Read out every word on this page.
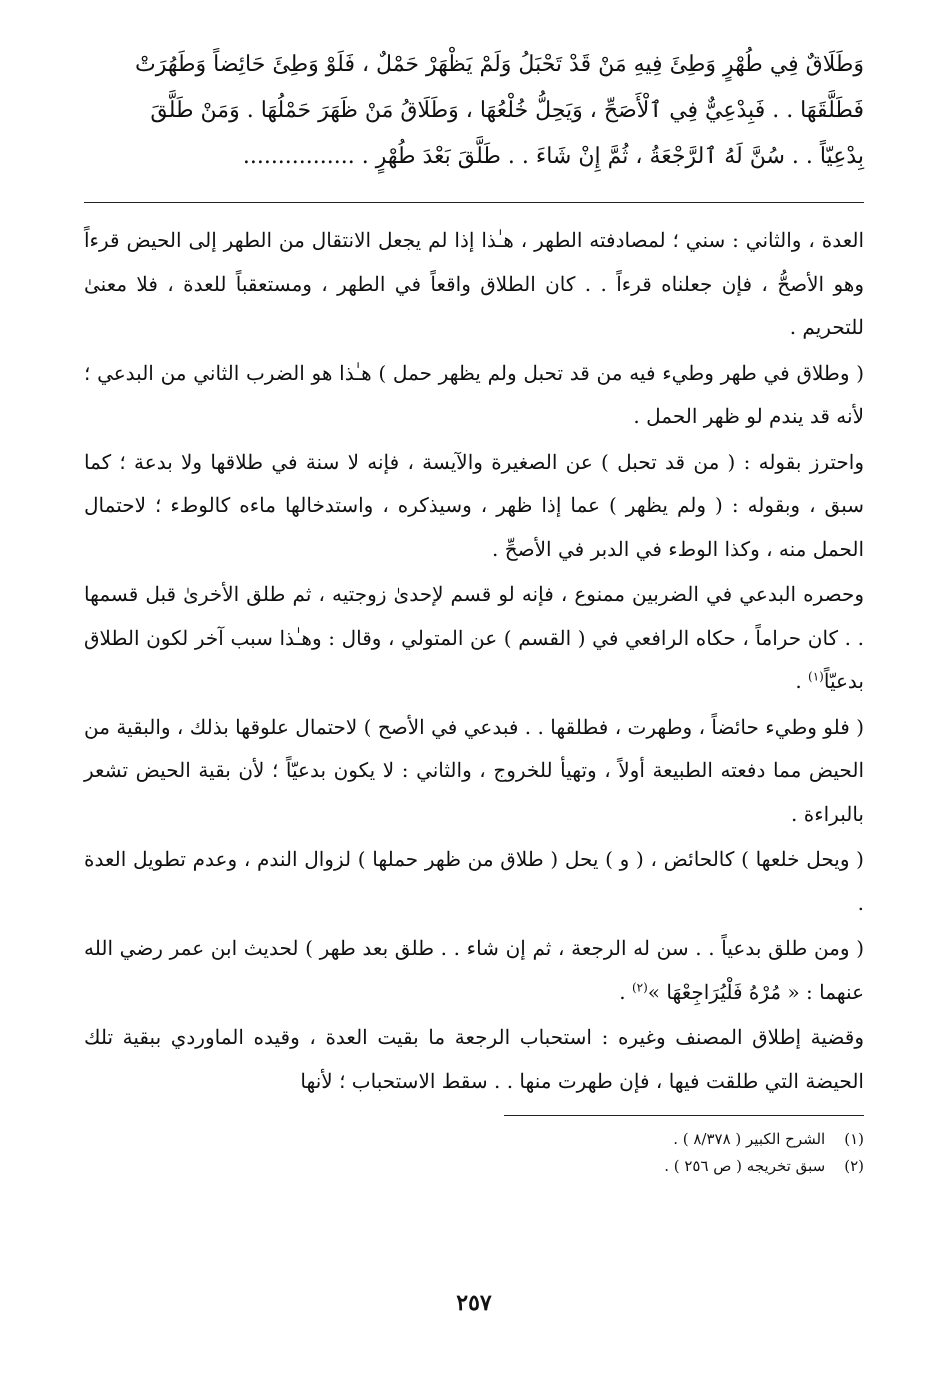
وَطَلَاقٌ فِي طُهْرٍ وَطِئَ فِيهِ مَنْ قَدْ تَحْبَلُ وَلَمْ يَظْهَرْ حَمْلٌ ، فَلَوْ وَطِئَ حَائِضاً وَطَهُرَتْ
فَطَلَّقَهَا . . فَبِدْعِيٌّ فِي ٱلْأَصَحِّ ، وَيَحِلُّ خُلْعُهَا ، وَطَلَاقُ مَنْ ظَهَرَ حَمْلُهَا . وَمَنْ طَلَّقَ
بِدْعِيّاً . . سُنَّ لَهُ ٱلرَّجْعَةُ ، ثُمَّ إِنْ شَاءَ . . طَلَّقَ بَعْدَ طُهْرٍ . ................

العدة ، والثاني : سني ؛ لمصادفته الطهر ، هـٰذا إذا لم يجعل الانتقال من الطهر إلى الحيض قرءاً وهو الأصحُّ ، فإن جعلناه قرءاً . . كان الطلاق واقعاً في الطهر ، ومستعقباً للعدة ، فلا معنىٰ للتحريم .

( وطلاق في طهر وطيء فيه من قد تحبل ولم يظهر حمل ) هـٰذا هو الضرب الثاني من البدعي ؛ لأنه قد يندم لو ظهر الحمل .

واحترز بقوله : ( من قد تحبل ) عن الصغيرة والآيسة ، فإنه لا سنة في طلاقها ولا بدعة ؛ كما سبق ، وبقوله : ( ولم يظهر ) عما إذا ظهر ، وسيذكره ، واستدخالها ماءه كالوطء ؛ لاحتمال الحمل منه ، وكذا الوطء في الدبر في الأصحِّ .

وحصره البدعي في الضربين ممنوع ، فإنه لو قسم لإحدىٰ زوجتيه ، ثم طلق الأخرىٰ قبل قسمها . . كان حراماً ، حكاه الرافعي في ( القسم ) عن المتولي ، وقال : وهـٰذا سبب آخر لكون الطلاق بدعيّاً$^{(١)}$ .

( فلو وطيء حائضاً ، وطهرت ، فطلقها . . فبدعي في الأصح ) لاحتمال علوقها بذلك ، والبقية من الحيض مما دفعته الطبيعة أولاً ، وتهيأ للخروج ، والثاني : لا يكون بدعيّاً ؛ لأن بقية الحيض تشعر بالبراءة .

( ويحل خلعها ) كالحائض ، ( و ) يحل ( طلاق من ظهر حملها ) لزوال الندم ، وعدم تطويل العدة .

( ومن طلق بدعياً . . سن له الرجعة ، ثم إن شاء . . طلق بعد طهر ) لحديث ابن عمر رضي الله عنهما : « مُرْهُ فَلْيُرَاجِعْهَا »$^{(٢)}$ .

وقضية إطلاق المصنف وغيره : استحباب الرجعة ما بقيت العدة ، وقيده الماوردي ببقية تلك الحيضة التي طلقت فيها ، فإن طهرت منها . . سقط الاستحباب ؛ لأنها

(١) الشرح الكبير ( ٨/٣٧٨ ) .
(٢) سبق تخريجه ( ص ٢٥٦ ) .
٢٥٧
